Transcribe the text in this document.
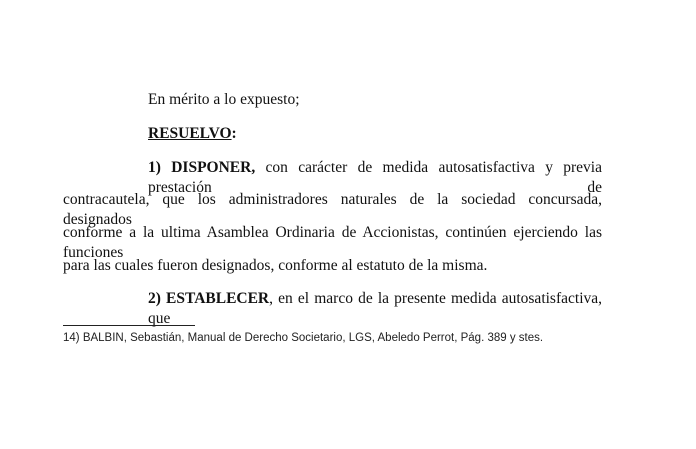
En mérito a lo expuesto;
RESUELVO:
1) DISPONER, con carácter de medida autosatisfactiva y previa prestación de
contracautela, que los administradores naturales de la sociedad concursada, designados
conforme a la ultima Asamblea Ordinaria de Accionistas, continúen ejerciendo las funciones
para las cuales fueron designados, conforme al estatuto de la misma.
2) ESTABLECER, en el marco de la presente medida autosatisfactiva, que
14) BALBIN, Sebastián, Manual de Derecho Societario, LGS, Abeledo Perrot, Pág. 389 y stes.
